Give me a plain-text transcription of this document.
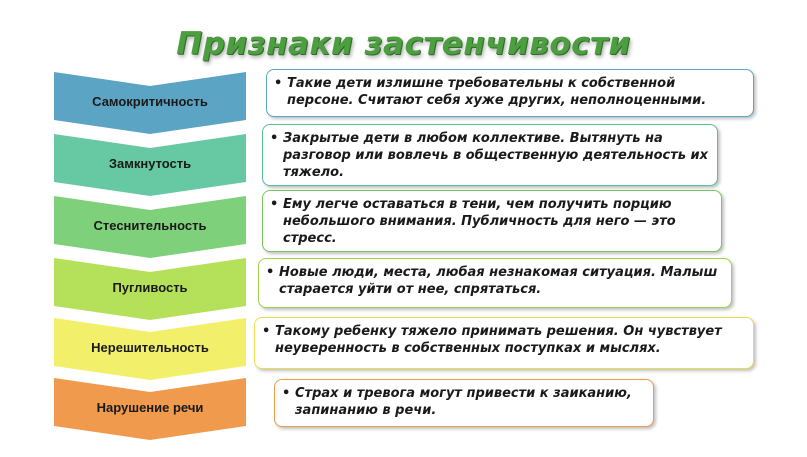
Признаки застенчивости
Самокритичность
• Такие дети излишне требовательны к собственной персоне. Считают себя хуже других, неполноценными.
Замкнутость
• Закрытые дети в любом коллективе. Вытянуть на разговор или вовлечь в общественную деятельность их тяжело.
Стеснительность
• Ему легче оставаться в тени, чем получить порцию небольшого внимания. Публичность для него — это стресс.
Пугливость
• Новые люди, места, любая незнакомая ситуация. Малыш старается уйти от нее, спрятаться.
Нерешительность
• Такому ребенку тяжело принимать решения. Он чувствует неуверенность в собственных поступках и мыслях.
Нарушение речи
• Страх и тревога могут привести к заиканию, запинанию в речи.
